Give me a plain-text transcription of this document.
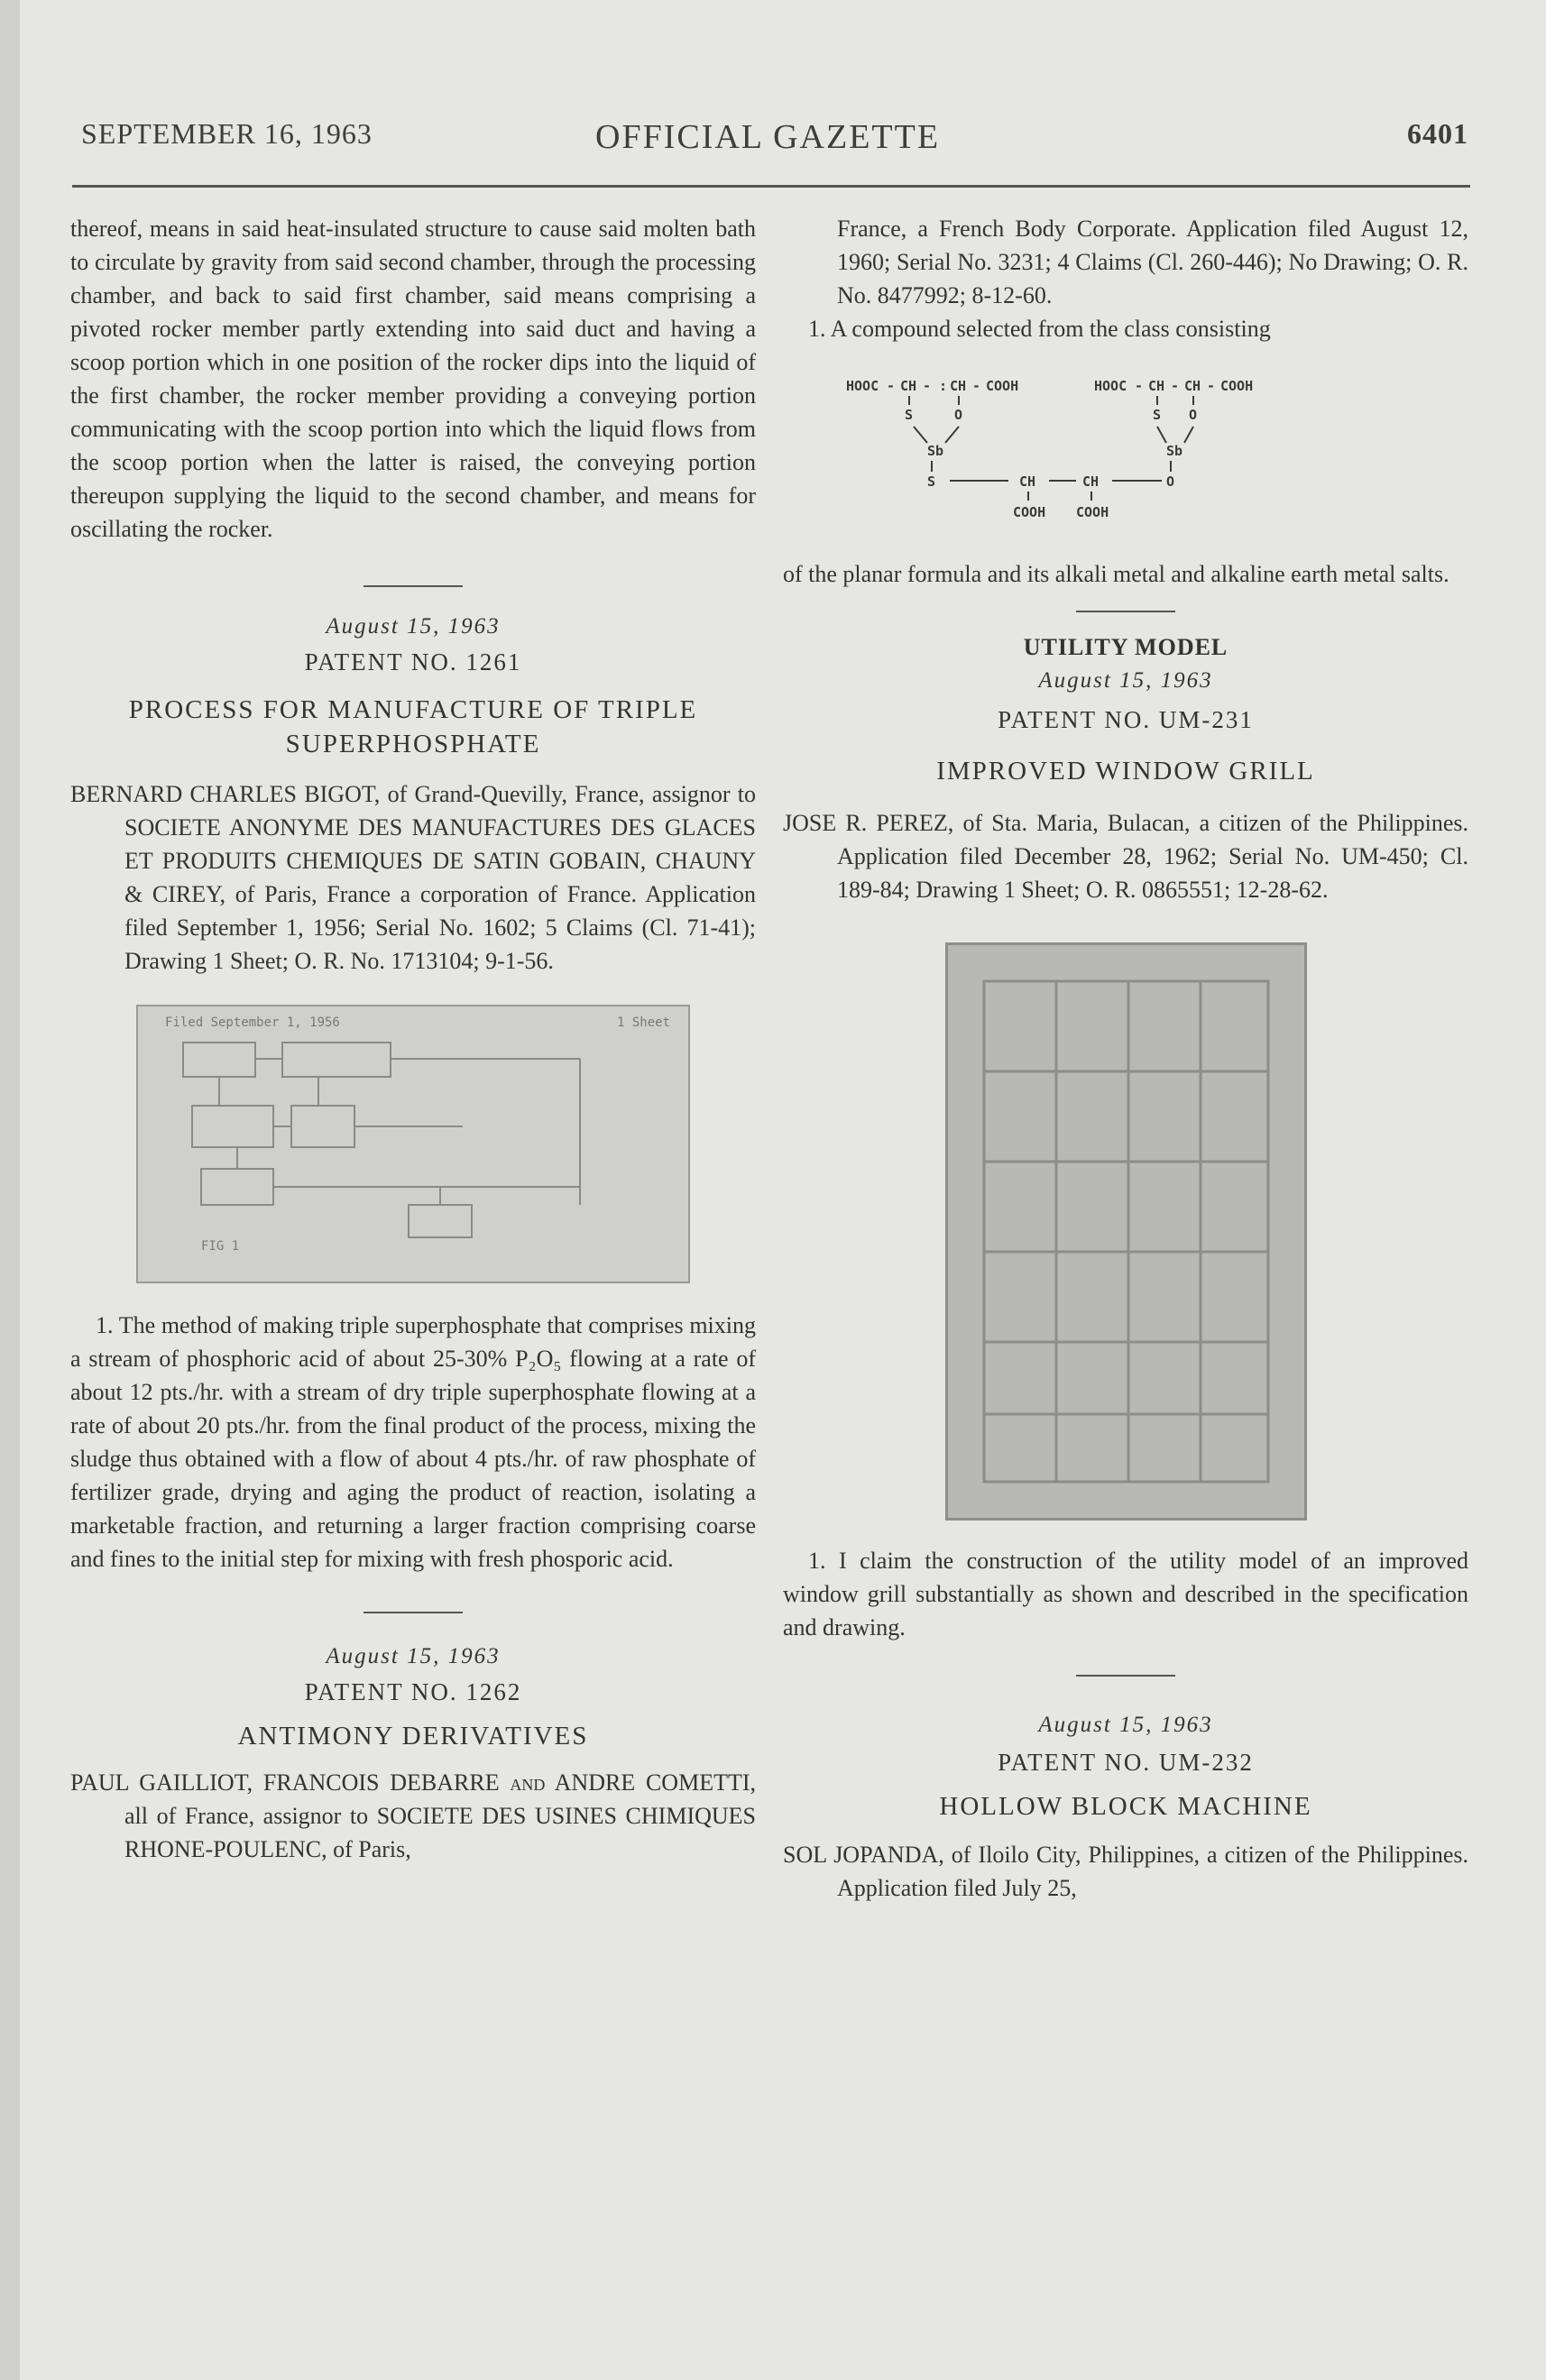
SEPTEMBER 16, 1963	OFFICIAL GAZETTE	6401

thereof, means in said heat-insulated structure to cause said molten bath to circulate by gravity from said second chamber, through the processing chamber, and back to said first chamber, said means comprising a pivoted rocker member partly extending into said duct and having a scoop portion which in one position of the rocker dips into the liquid of the first chamber, the rocker member providing a conveying portion communicating with the scoop portion into which the liquid flows from the scoop portion when the latter is raised, the conveying portion thereupon supplying the liquid to the second chamber, and means for oscillating the rocker.

August 15, 1963
PATENT NO. 1261
PROCESS FOR MANUFACTURE OF TRIPLE SUPERPHOSPHATE

BERNARD CHARLES BIGOT, of Grand-Quevilly, France, assignor to SOCIETE ANONYME DES MANUFACTURES DES GLACES ET PRODUITS CHEMIQUES DE SATIN GOBAIN, CHAUNY & CIREY, of Paris, France a corporation of France. Application filed September 1, 1956; Serial No. 1602; 5 Claims (Cl. 71-41); Drawing 1 Sheet; O. R. No. 1713104; 9-1-56.

Filed September 1, 1956	1 Sheet
FIG 1

1. The method of making triple superphosphate that comprises mixing a stream of phosphoric acid of about 25-30% P₂O₅ flowing at a rate of about 12 pts./hr. with a stream of dry triple superphosphate flowing at a rate of about 20 pts./hr. from the final product of the process, mixing the sludge thus obtained with a flow of about 4 pts./hr. of raw phosphate of fertilizer grade, drying and aging the product of reaction, isolating a marketable fraction, and returning a larger fraction comprising coarse and fines to the initial step for mixing with fresh phosporic acid.

August 15, 1963
PATENT NO. 1262
ANTIMONY DERIVATIVES

PAUL GAILLIOT, FRANCOIS DEBARRE and ANDRE COMETTI, all of France, assignor to SOCIETE DES USINES CHIMIQUES RHONE-POULENC, of Paris,

France, a French Body Corporate. Application filed August 12, 1960; Serial No. 3231; 4 Claims (Cl. 260-446); No Drawing; O. R. No. 8477992; 8-12-60.

1. A compound selected from the class consisting

HOOC - CH - : CH - COOH
S	O
Sb
S	CH	CH
COOH COOH
HOOC - CH - CH - COOH
S O
Sb
O

of the planar formula and its alkali metal and alkaline earth metal salts.

UTILITY MODEL
August 15, 1963
PATENT NO. UM-231
IMPROVED WINDOW GRILL

JOSE R. PEREZ, of Sta. Maria, Bulacan, a citizen of the Philippines. Application filed December 28, 1962; Serial No. UM-450; Cl. 189-84; Drawing 1 Sheet; O. R. 0865551; 12-28-62.

1. I claim the construction of the utility model of an improved window grill substantially as shown and described in the specification and drawing.

August 15, 1963
PATENT NO. UM-232
HOLLOW BLOCK MACHINE

SOL JOPANDA, of Iloilo City, Philippines, a citizen of the Philippines. Application filed July 25,
